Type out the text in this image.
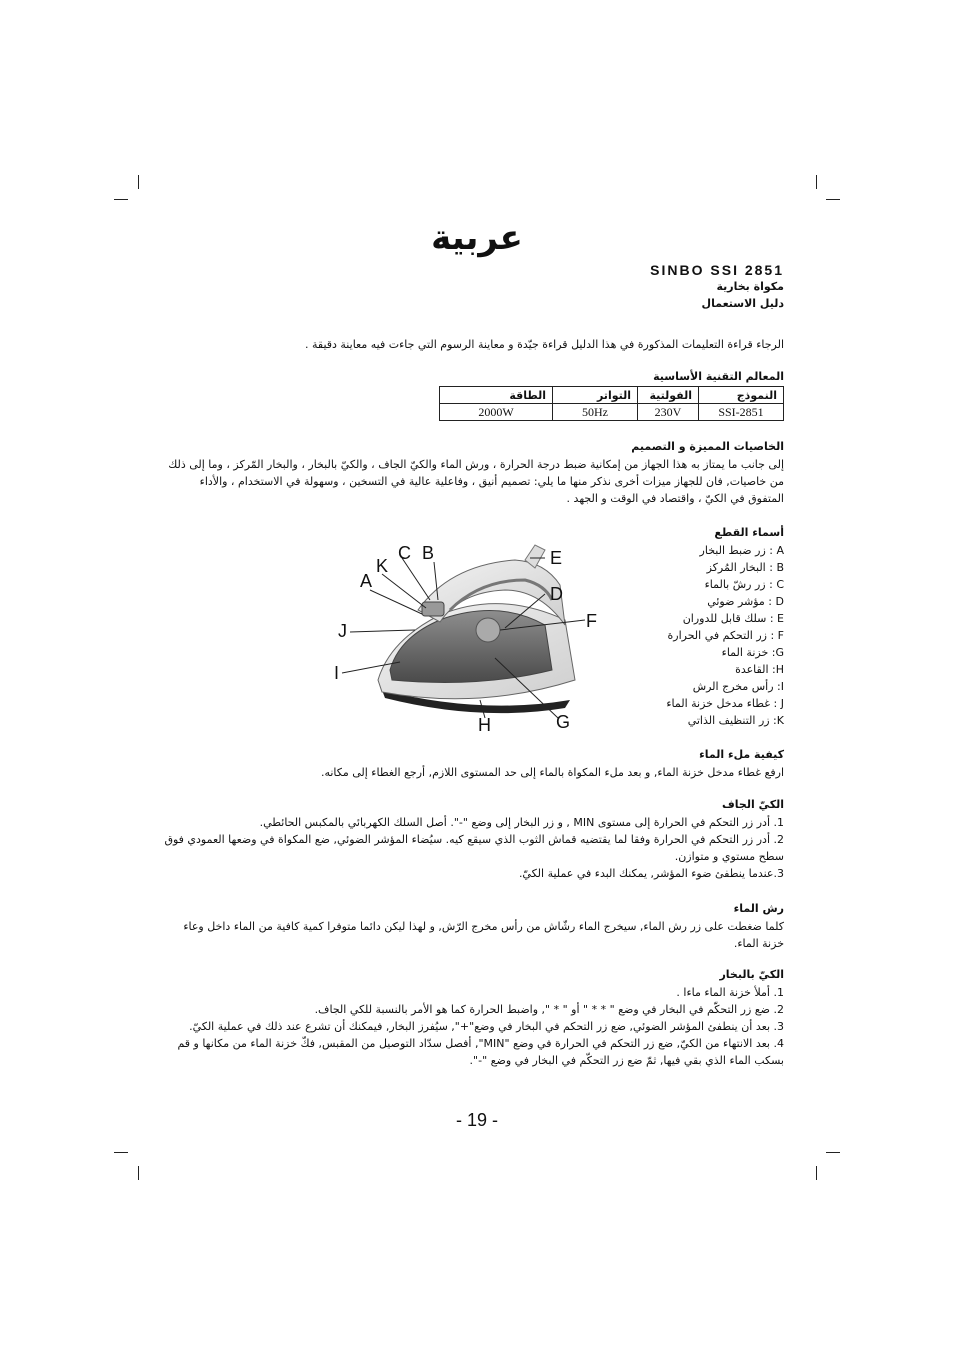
عربية
SINBO SSI 2851
مكواة بخارية
دليل الاستعمال
الرجاء قراءة التعليمات المذكورة في هذا الدليل قراءة جيّدة و معاينة الرسوم التي جاءت فيه معاينة دقيقة .
المعالم التقنية الأساسية
النموذج	الفولتية	التواتر	الطاقة
SSI-2851	230V	50Hz	2000W
الخاصيات المميزة و التصميم
إلى جانب ما يمتاز به هذا الجهاز من إمكانية ضبط درجة الحرارة ، ورش الماء والكيّ الجاف ، والكيّ بالبخار ، والبخار المّركز ، وما إلى ذلك من خاصيات, فان للجهاز ميزات أخرى نذكر منها ما يلي: تصميم أنيق ، وفاعلية عالية في التسخين ، وسهولة في الاستخدام ، والأداء المتفوق في الكيّ ، واقتصاد في الوقت و الجهد .
أسماء القطع
A : زر ضبط البخار
B : البخار المُركز
C : زر رشّ بالماء
D : مؤشر ضوئي
E : سلك قابل للدوران
F : زر التحكم في الحرارة
G: خزنة الماء
H: القاعدة
I: رأس مخرج الرش
J : غطاء مدخل خزنة الماء
K: زر التنظيف الذاتي
A
B
C
D
E
F
G
H
I
J
K
كيفية ملء الماء
ارفع غطاء مدخل خزنة الماء, و بعد ملء المكواة بالماء إلى حد المستوى اللازم, أرجع الغطاء إلى مكانه.
الكيّ الجاف
1. أدر زر التحكم في الحرارة إلى مستوى MIN , و زر البخار إلى وضع "-". أصل السلك الكهربائي بالمكبس الحائطي.
2. أدر زر التحكم في الحرارة وفقا لما يقتضيه قماش الثوب الذي سيقع كيه. سيُضاء المؤشر الضوئي, ضع المكواة في وضعها العمودي فوق سطح مستوي و متوازن.
3.عندما ينطفئ ضوء المؤشر, يمكنك البدء في عملية الكيّ.
رش الماء
كلما ضغطت على زر رش الماء, سيخرج الماء رشّاش من رأس مخرج الرّش, و لهذا ليكن دائما متوفرا كمية كافية من الماء داخل وعاء خزنة الماء.
الكيّ بالبخار
1. أملأ خزنة الماء ماءا .
2. ضع زر التحكّم في البخار في وضع " * * " أو " * ", واضبط الحرارة كما هو الأمر بالنسبة للكي الجاف.
3. بعد أن ينطفئ المؤشر الضوئي, ضع زر التحكم في البخار في وضع"+", سيُفرز البخار, فيمكنك أن تشرع عند ذلك في عملية الكيّ.
4. بعد الانتهاء من الكيّ, ضع زر التحكم في الحرارة في وضع "MIN", أفصل سدّاد التوصيل من المقبس, فكّ خزنة الماء من مكانها و قم بسكب الماء الذي بقي فيها, ثمّ ضع زر التحكّم في البخار في وضع "-".
- 19 -
